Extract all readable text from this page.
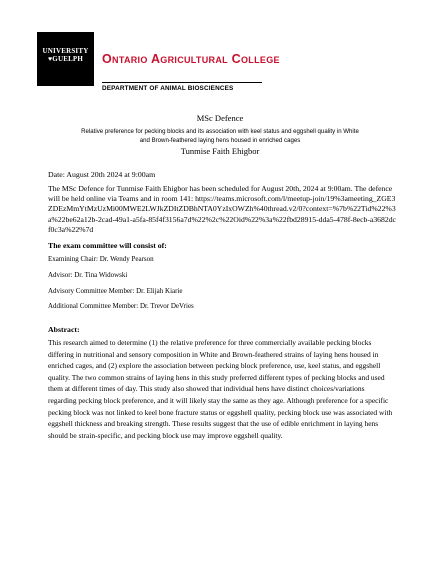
UNIVERSITY ♥GUELPH	Ontario Agricultural College
DEPARTMENT OF ANIMAL BIOSCIENCES
MSc Defence
Relative preference for pecking blocks and its association with keel status and eggshell quality in White and Brown-feathered laying hens housed in enriched cages
Tunmise Faith Ehigbor
Date: August 20th 2024 at 9:00am
The MSc Defence for Tunmise Faith Ehigbor has been scheduled for August 20th, 2024 at 9:00am. The defence will be held online via Teams and in room 141: https://teams.microsoft.com/l/meetup-join/19%3ameeting_ZGE3ZDEzMmYtMzUzMi00MWE2LWJkZDItZDBhNTA0YzIxOWZh%40thread.v2/0?context=%7b%22Tid%22%3a%22be62a12b-2cad-49a1-a5fa-85f4f3156a7d%22%2c%22Oid%22%3a%22fbd28915-dda5-478f-8ecb-a3682dcf0c3a%22%7d
The exam committee will consist of:
Examining Chair: Dr. Wendy Pearson
Advisor: Dr. Tina Widowski
Advisory Committee Member: Dr. Elijah Kiarie
Additional Committee Member: Dr. Trevor DeVries
Abstract:
This research aimed to determine (1) the relative preference for three commercially available pecking blocks differing in nutritional and sensory composition in White and Brown-feathered strains of laying hens housed in enriched cages, and (2) explore the association between pecking block preference, use, keel status, and eggshell quality. The two common strains of laying hens in this study preferred different types of pecking blocks and used them at different times of day. This study also showed that individual hens have distinct choices/variations regarding pecking block preference, and it will likely stay the same as they age. Although preference for a specific pecking block was not linked to keel bone fracture status or eggshell quality, pecking block use was associated with eggshell thickness and breaking strength. These results suggest that the use of edible enrichment in laying hens should be strain-specific, and pecking block use may improve eggshell quality.
